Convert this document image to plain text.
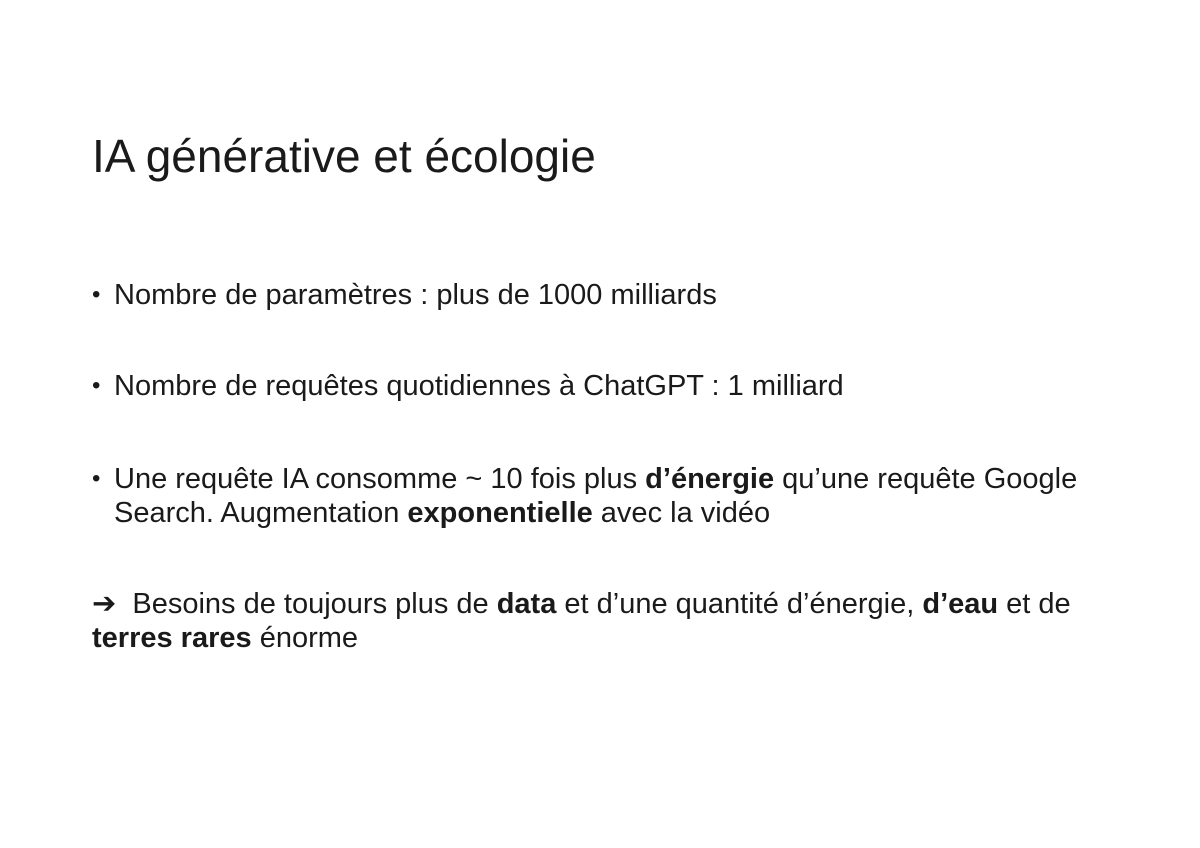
IA générative et écologie
• Nombre de paramètres : plus de 1000 milliards
• Nombre de requêtes quotidiennes à ChatGPT : 1 milliard
• Une requête IA consomme ~ 10 fois plus d’énergie qu’une requête Google Search. Augmentation exponentielle avec la vidéo
➔ Besoins de toujours plus de data et d’une quantité d’énergie, d’eau et de terres rares énorme
